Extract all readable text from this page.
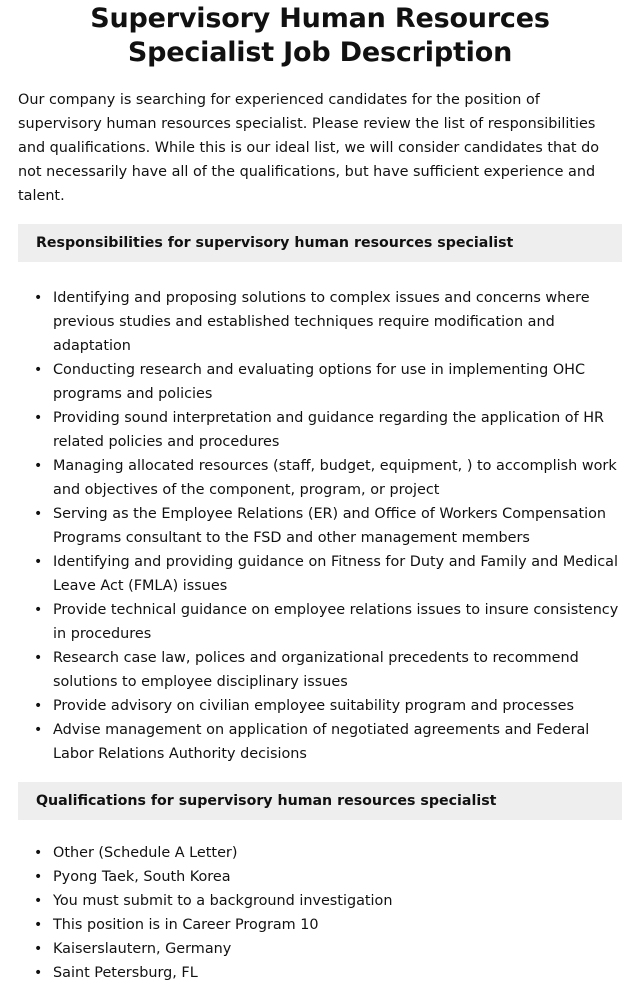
Supervisory Human Resources Specialist Job Description

Our company is searching for experienced candidates for the position of supervisory human resources specialist. Please review the list of responsibilities and qualifications. While this is our ideal list, we will consider candidates that do not necessarily have all of the qualifications, but have sufficient experience and talent.

Responsibilities for supervisory human resources specialist
• Identifying and proposing solutions to complex issues and concerns where previous studies and established techniques require modification and adaptation
• Conducting research and evaluating options for use in implementing OHC programs and policies
• Providing sound interpretation and guidance regarding the application of HR related policies and procedures
• Managing allocated resources (staff, budget, equipment, ) to accomplish work and objectives of the component, program, or project
• Serving as the Employee Relations (ER) and Office of Workers Compensation Programs consultant to the FSD and other management members
• Identifying and providing guidance on Fitness for Duty and Family and Medical Leave Act (FMLA) issues
• Provide technical guidance on employee relations issues to insure consistency in procedures
• Research case law, polices and organizational precedents to recommend solutions to employee disciplinary issues
• Provide advisory on civilian employee suitability program and processes
• Advise management on application of negotiated agreements and Federal Labor Relations Authority decisions
Qualifications for supervisory human resources specialist
• Other (Schedule A Letter)
• Pyong Taek, South Korea
• You must submit to a background investigation
• This position is in Career Program 10
• Kaiserslautern, Germany
• Saint Petersburg, FL
